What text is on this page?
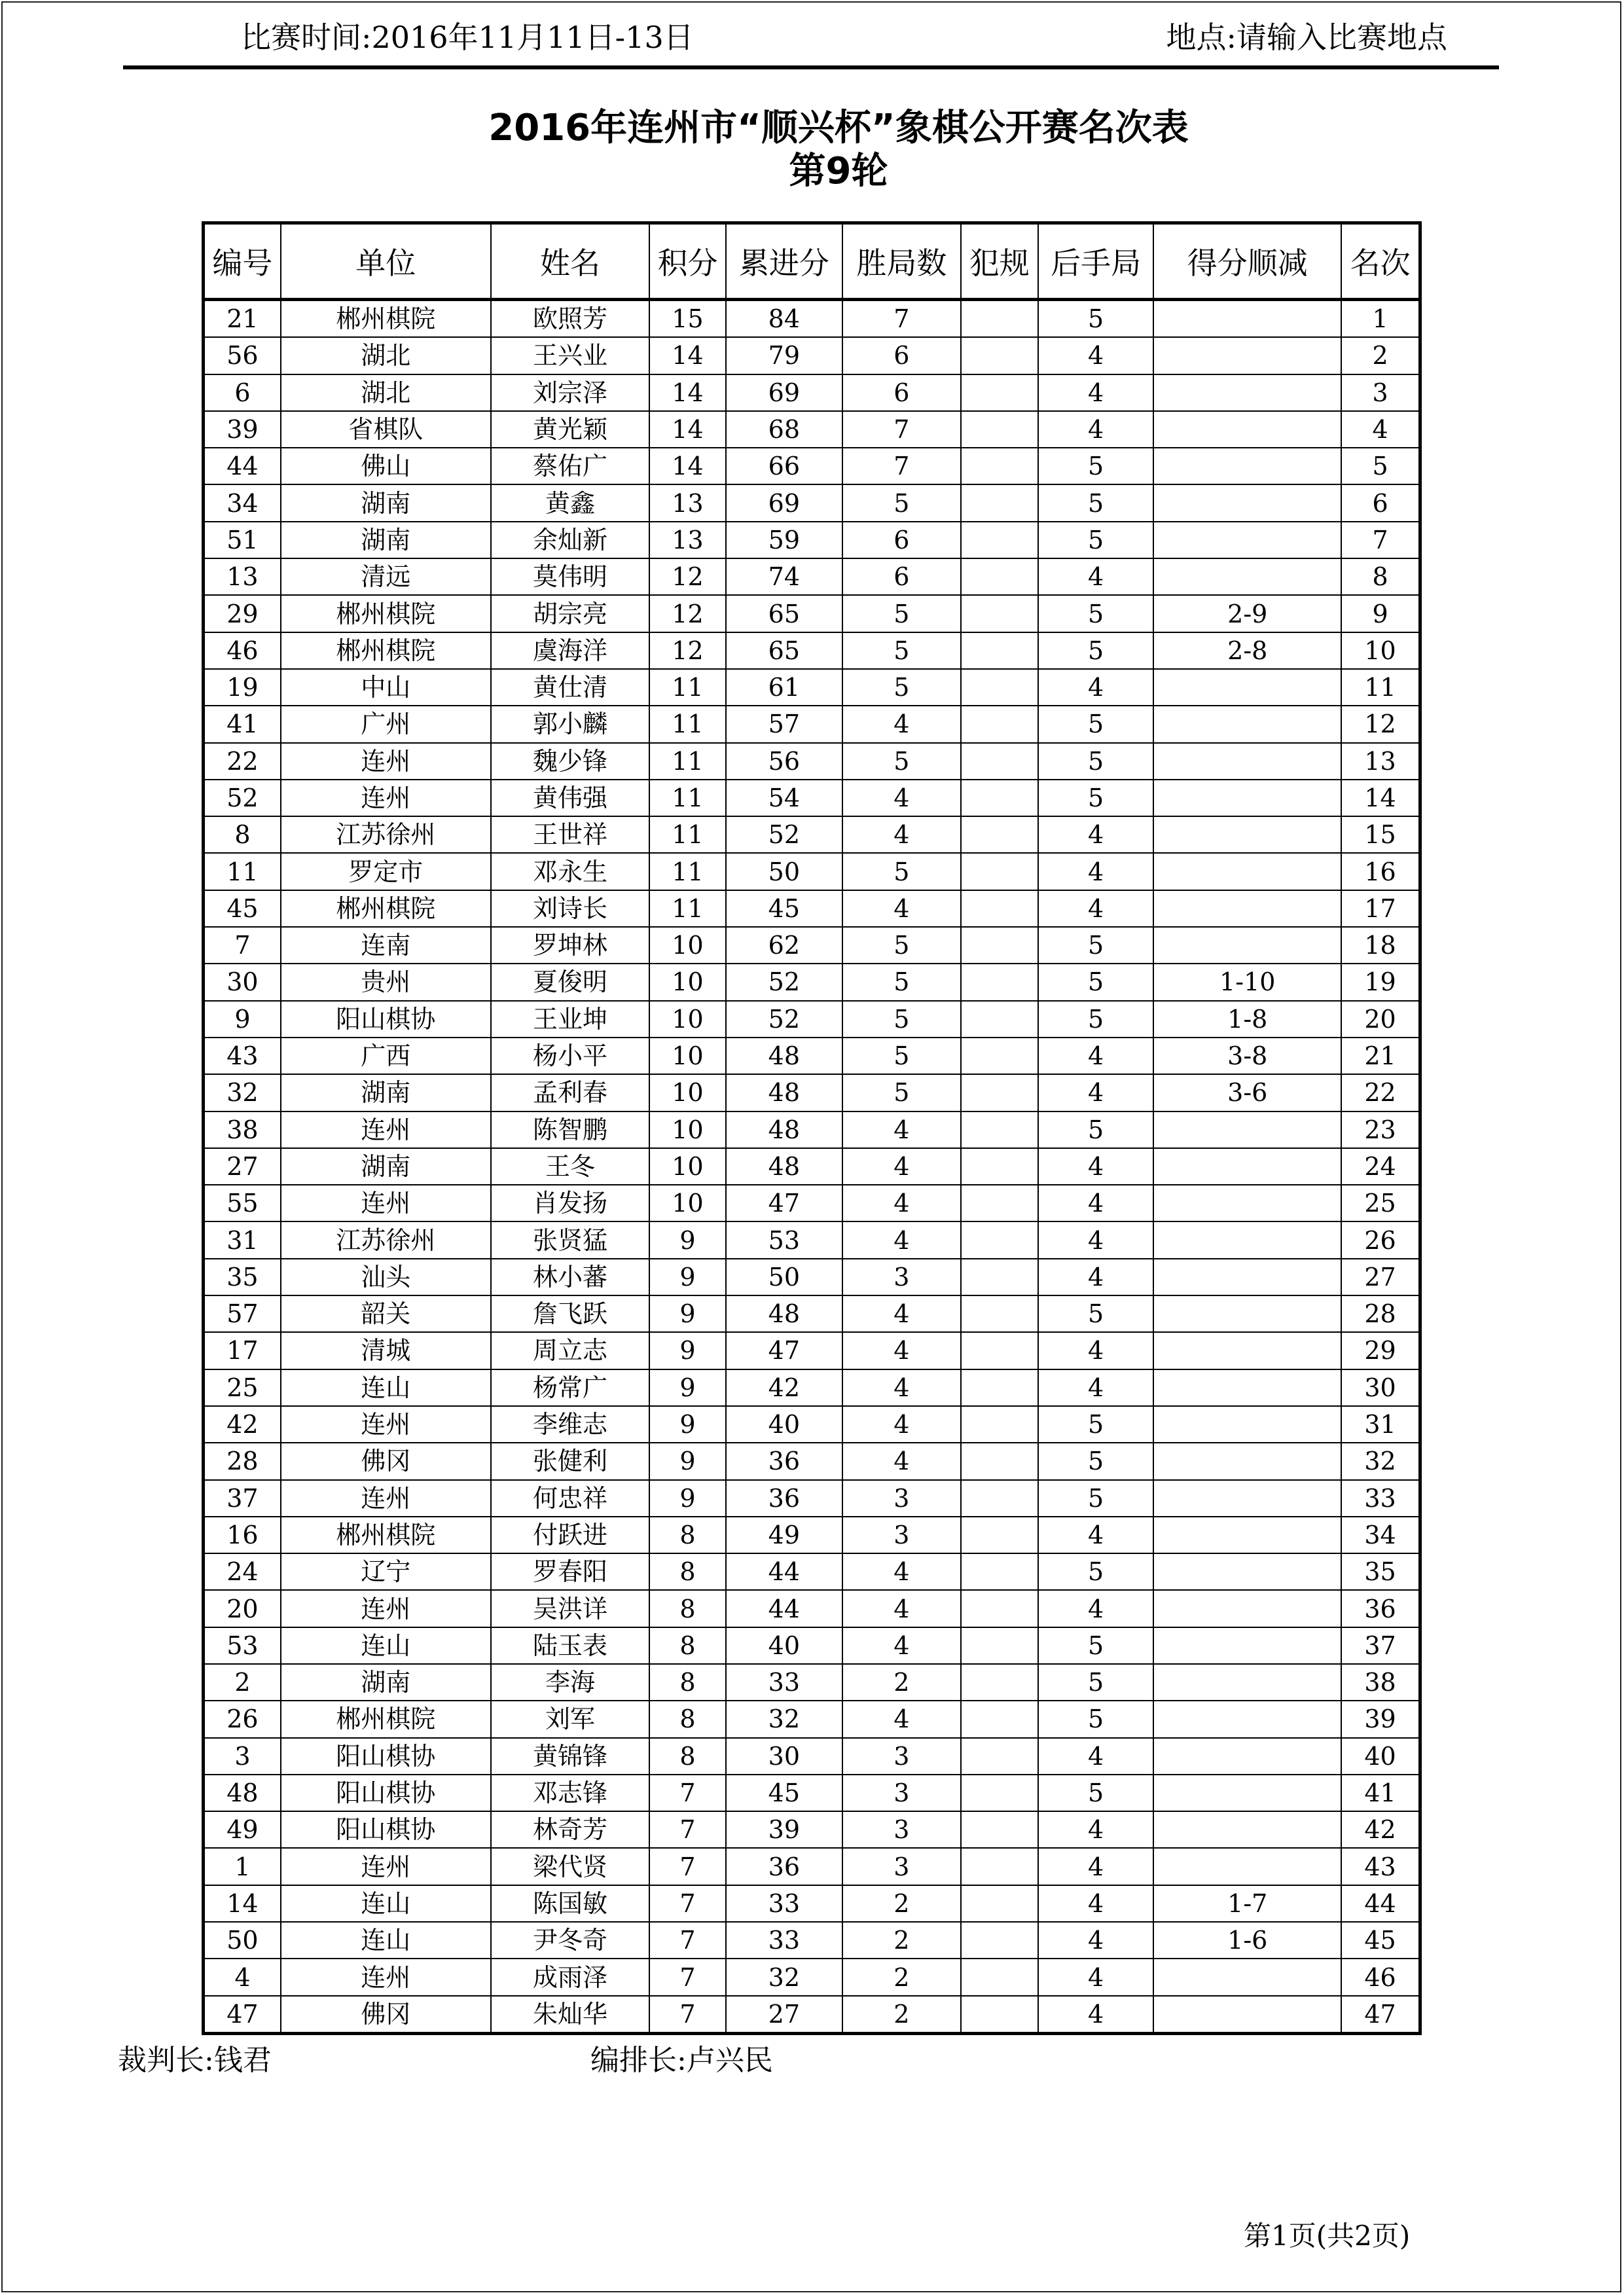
比赛时间:2016年11月11日-13日	地点:请输入比赛地点
2016年连州市“顺兴杯”象棋公开赛名次表
第9轮
编号	单位	姓名	积分	累进分	胜局数	犯规	后手局	得分顺减	名次
21	郴州棋院	欧照芳	15	84	7		5		1
56	湖北	王兴业	14	79	6		4		2
6	湖北	刘宗泽	14	69	6		4		3
39	省棋队	黄光颖	14	68	7		4		4
44	佛山	蔡佑广	14	66	7		5		5
34	湖南	黄鑫	13	69	5		5		6
51	湖南	余灿新	13	59	6		5		7
13	清远	莫伟明	12	74	6		4		8
29	郴州棋院	胡宗亮	12	65	5		5	2-9	9
46	郴州棋院	虞海洋	12	65	5		5	2-8	10
19	中山	黄仕清	11	61	5		4		11
41	广州	郭小麟	11	57	4		5		12
22	连州	魏少锋	11	56	5		5		13
52	连州	黄伟强	11	54	4		5		14
8	江苏徐州	王世祥	11	52	4		4		15
11	罗定市	邓永生	11	50	5		4		16
45	郴州棋院	刘诗长	11	45	4		4		17
7	连南	罗坤林	10	62	5		5		18
30	贵州	夏俊明	10	52	5		5	1-10	19
9	阳山棋协	王业坤	10	52	5		5	1-8	20
43	广西	杨小平	10	48	5		4	3-8	21
32	湖南	孟利春	10	48	5		4	3-6	22
38	连州	陈智鹏	10	48	4		5		23
27	湖南	王冬	10	48	4		4		24
55	连州	肖发扬	10	47	4		4		25
31	江苏徐州	张贤猛	9	53	4		4		26
35	汕头	林小蕃	9	50	3		4		27
57	韶关	詹飞跃	9	48	4		5		28
17	清城	周立志	9	47	4		4		29
25	连山	杨常广	9	42	4		4		30
42	连州	李维志	9	40	4		5		31
28	佛冈	张健利	9	36	4		5		32
37	连州	何忠祥	9	36	3		5		33
16	郴州棋院	付跃进	8	49	3		4		34
24	辽宁	罗春阳	8	44	4		5		35
20	连州	吴洪详	8	44	4		4		36
53	连山	陆玉表	8	40	4		5		37
2	湖南	李海	8	33	2		5		38
26	郴州棋院	刘军	8	32	4		5		39
3	阳山棋协	黄锦锋	8	30	3		4		40
48	阳山棋协	邓志锋	7	45	3		5		41
49	阳山棋协	林奇芳	7	39	3		4		42
1	连州	梁代贤	7	36	3		4		43
14	连山	陈国敏	7	33	2		4	1-7	44
50	连山	尹冬奇	7	33	2		4	1-6	45
4	连州	成雨泽	7	32	2		4		46
47	佛冈	朱灿华	7	27	2		4		47
裁判长:钱君	编排长:卢兴民
第1页(共2页)
